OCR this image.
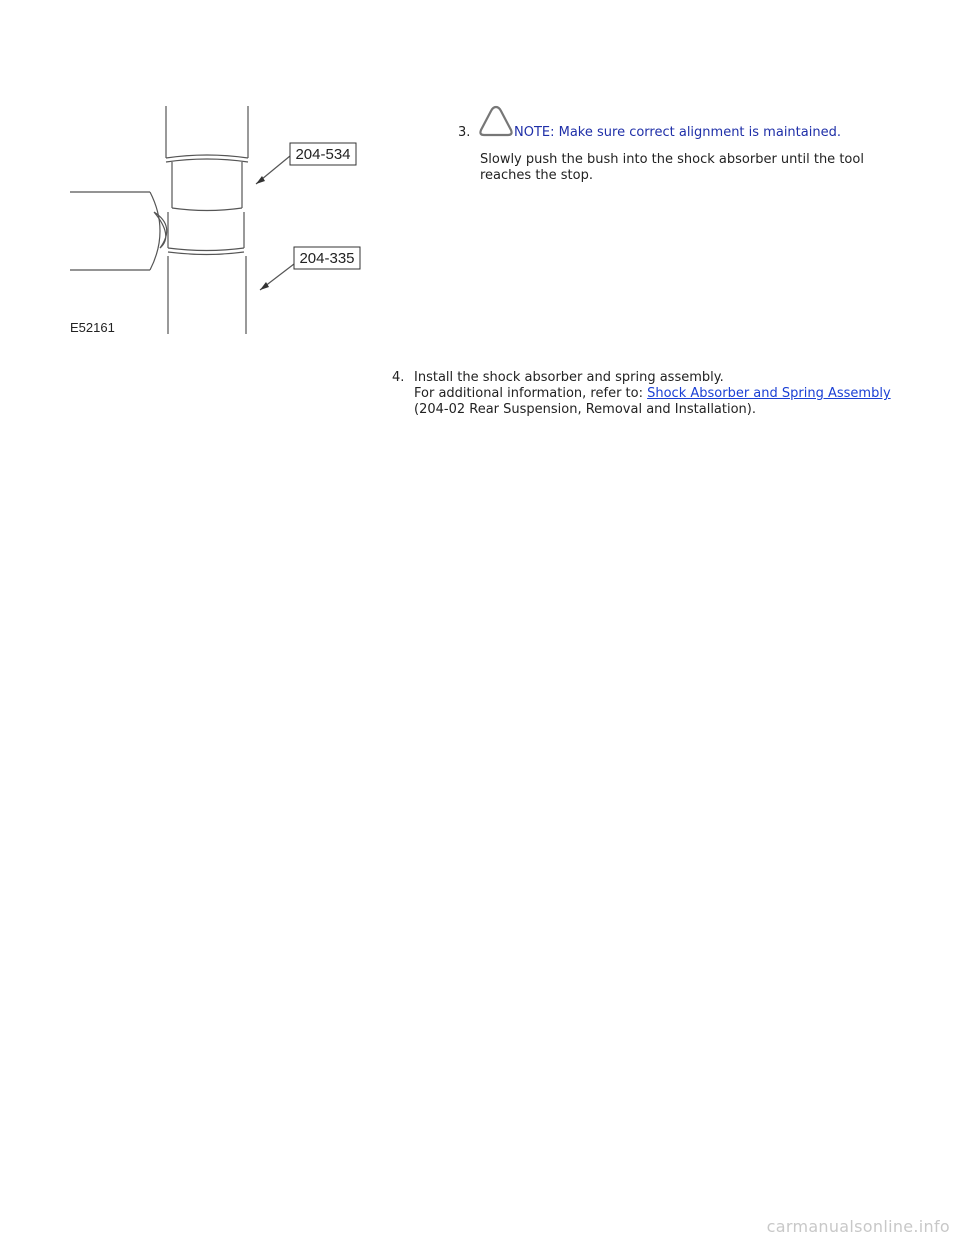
204-534
204-335
E52161
3.	NOTE: Make sure correct alignment is maintained.
Slowly push the bush into the shock absorber until the tool reaches the stop.
4. Install the shock absorber and spring assembly.
For additional information, refer to: Shock Absorber and Spring Assembly
(204-02 Rear Suspension, Removal and Installation).
carmanualsonline.info
